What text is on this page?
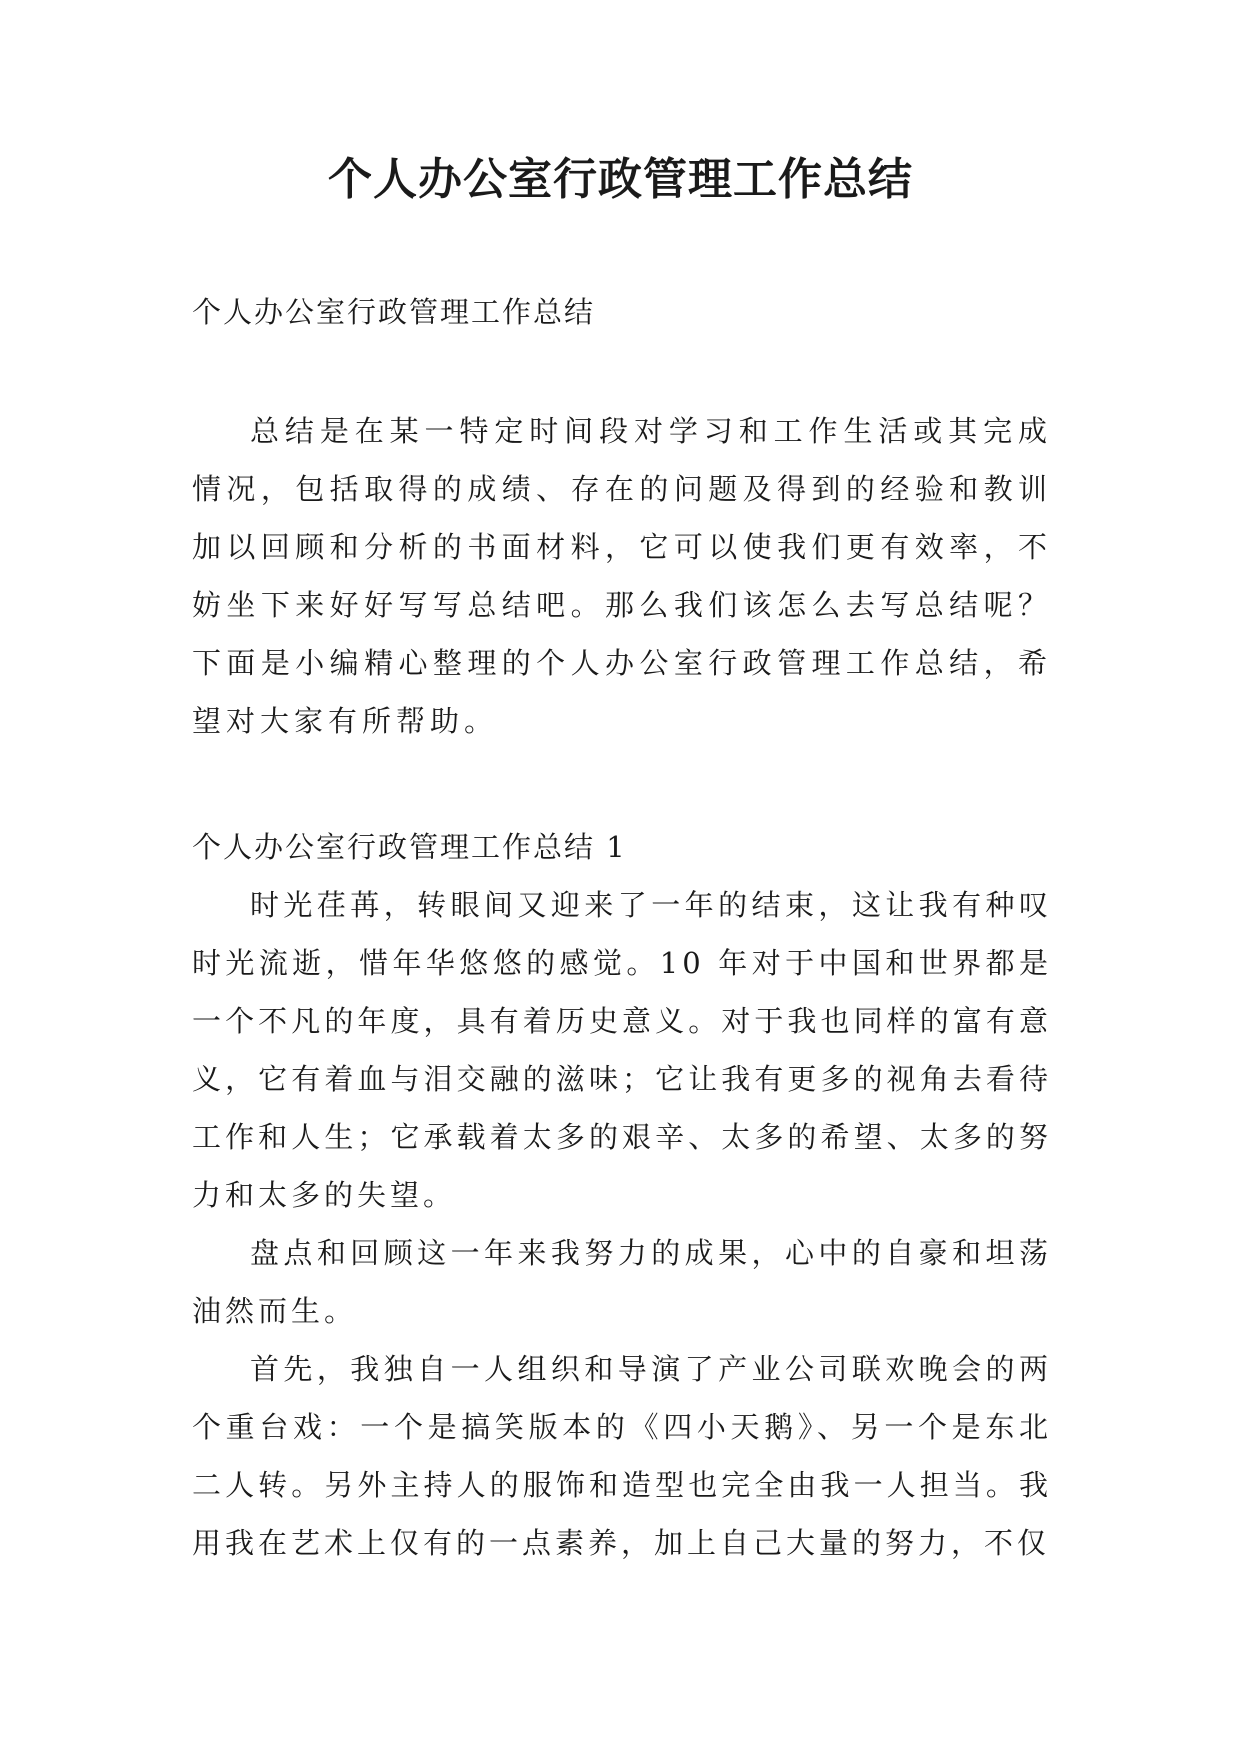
个人办公室行政管理工作总结
个人办公室行政管理工作总结

总结是在某一特定时间段对学习和工作生活或其完成情况，包括取得的成绩、存在的问题及得到的经验和教训加以回顾和分析的书面材料，它可以使我们更有效率，不妨坐下来好好写写总结吧。那么我们该怎么去写总结呢？下面是小编精心整理的个人办公室行政管理工作总结，希望对大家有所帮助。

个人办公室行政管理工作总结 1

时光荏苒，转眼间又迎来了一年的结束，这让我有种叹时光流逝，惜年华悠悠的感觉。10 年对于中国和世界都是一个不凡的年度，具有着历史意义。对于我也同样的富有意义，它有着血与泪交融的滋味；它让我有更多的视角去看待工作和人生；它承载着太多的艰辛、太多的希望、太多的努力和太多的失望。

盘点和回顾这一年来我努力的成果，心中的自豪和坦荡油然而生。

首先，我独自一人组织和导演了产业公司联欢晚会的两个重台戏：一个是搞笑版本的《四小天鹅》、另一个是东北二人转。另外主持人的服饰和造型也完全由我一人担当。我用我在艺术上仅有的一点素养，加上自己大量的努力，不仅
